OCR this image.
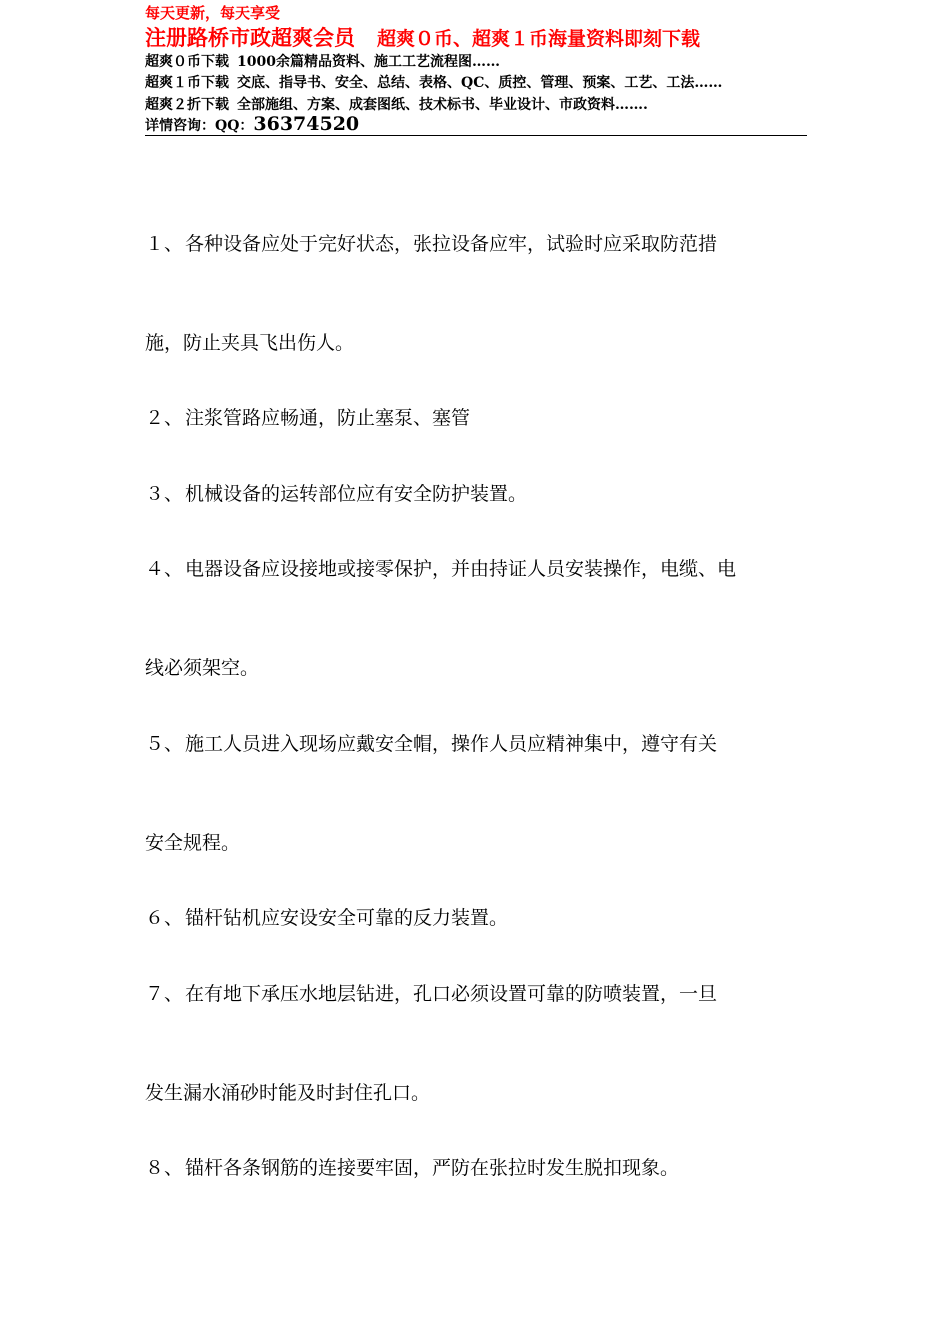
每天更新，每天享受
注册路桥市政超爽会员 超爽０币、超爽１币海量资料即刻下载
超爽０币下载 1000余篇精品资料、施工工艺流程图……
超爽１币下载 交底、指导书、安全、总结、表格、QC、质控、管理、预案、工艺、工法……
超爽２折下载 全部施组、方案、成套图纸、技术标书、毕业设计、市政资料…….
详情咨询：QQ：36374520
１、 各种设备应处于完好状态，张拉设备应牢，试验时应采取防范措
施，防止夹具飞出伤人。
２、 注浆管路应畅通，防止塞泵、塞管
３、 机械设备的运转部位应有安全防护装置。
４、 电器设备应设接地或接零保护，并由持证人员安装操作，电缆、电
线必须架空。
５、 施工人员进入现场应戴安全帽，操作人员应精神集中，遵守有关
安全规程。
６、 锚杆钻机应安设安全可靠的反力装置。
７、 在有地下承压水地层钻进，孔口必须设置可靠的防喷装置，一旦
发生漏水涌砂时能及时封住孔口。
８、 锚杆各条钢筋的连接要牢固，严防在张拉时发生脱扣现象。
